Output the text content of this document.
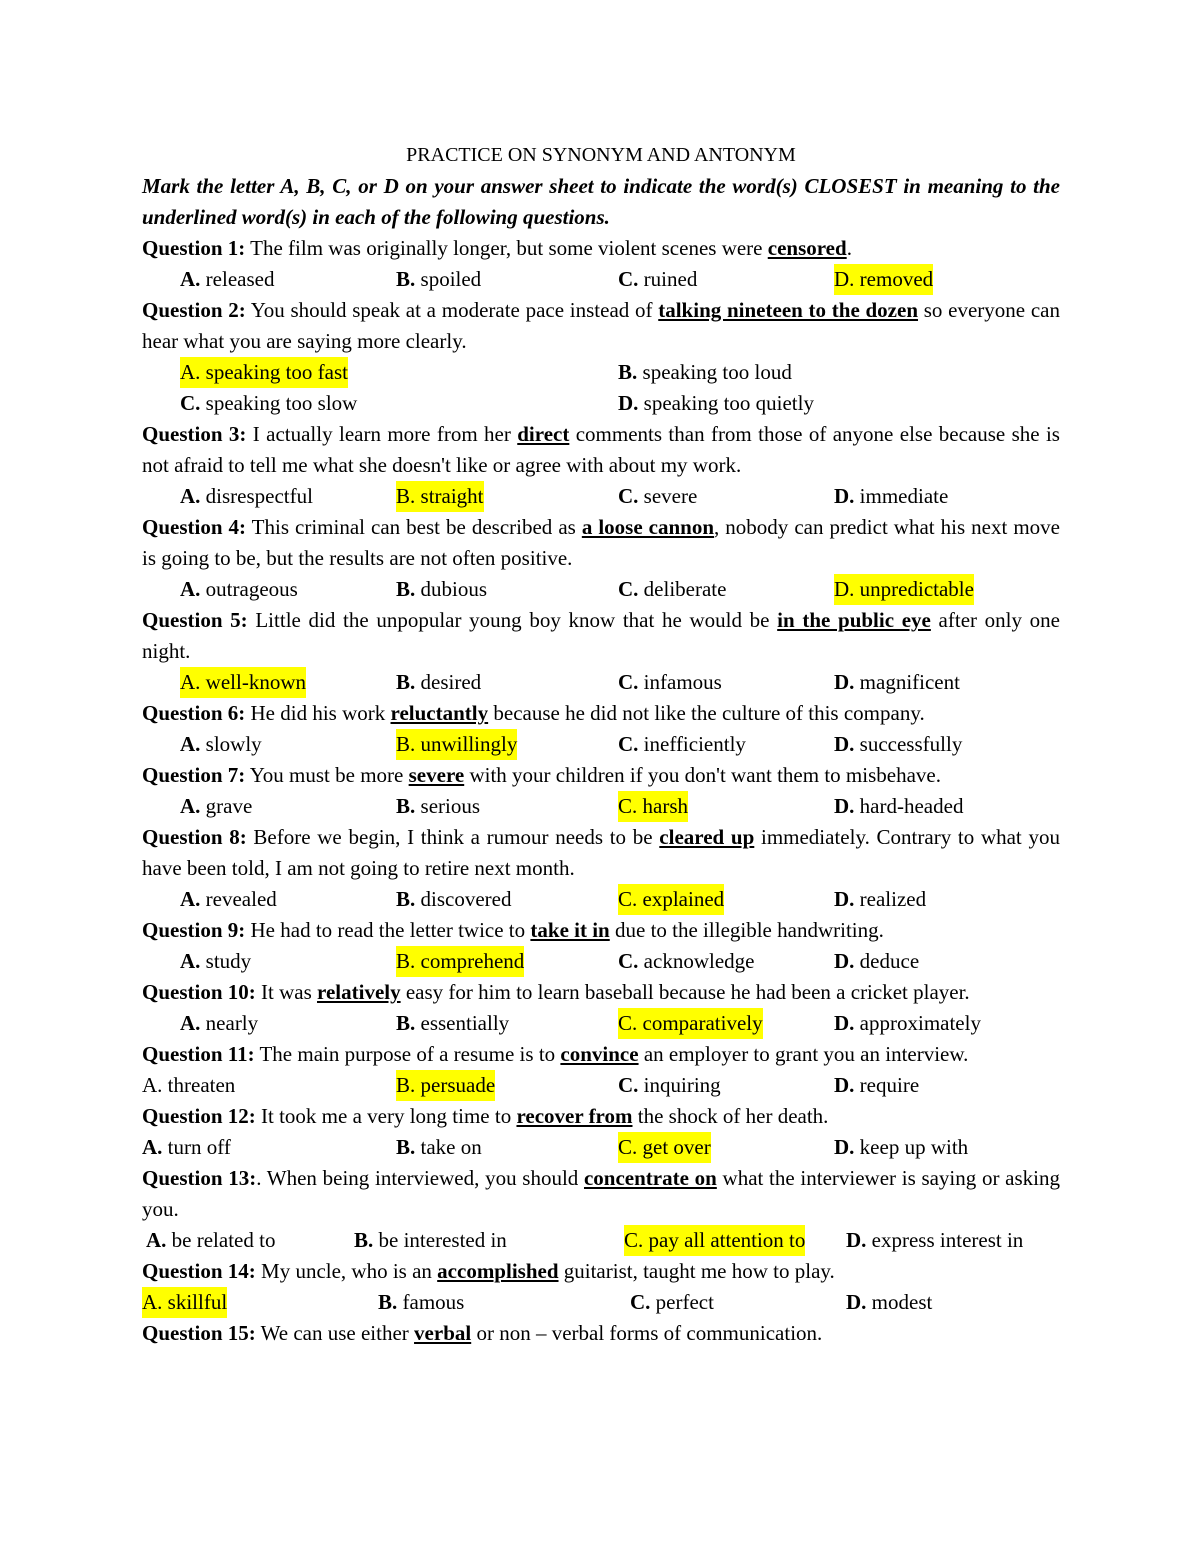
PRACTICE ON SYNONYM AND ANTONYM
Mark the letter A, B, C, or D on your answer sheet to indicate the word(s) CLOSEST in meaning to the underlined word(s) in each of the following questions.
Question 1: The film was originally longer, but some violent scenes were censored.
A. released	B. spoiled	C. ruined	D. removed
Question 2: You should speak at a moderate pace instead of talking nineteen to the dozen so everyone can hear what you are saying more clearly.
A. speaking too fast	B. speaking too loud
C. speaking too slow	D. speaking too quietly
Question 3: I actually learn more from her direct comments than from those of anyone else because she is not afraid to tell me what she doesn't like or agree with about my work.
A. disrespectful	B. straight	C. severe	D. immediate
Question 4: This criminal can best be described as a loose cannon, nobody can predict what his next move is going to be, but the results are not often positive.
A. outrageous	B. dubious	C. deliberate	D. unpredictable
Question 5: Little did the unpopular young boy know that he would be in the public eye after only one night.
A. well-known	B. desired	C. infamous	D. magnificent
Question 6: He did his work reluctantly because he did not like the culture of this company.
A. slowly	B. unwillingly	C. inefficiently	D. successfully
Question 7: You must be more severe with your children if you don't want them to misbehave.
A. grave	B. serious	C. harsh	D. hard-headed
Question 8: Before we begin, I think a rumour needs to be cleared up immediately. Contrary to what you have been told, I am not going to retire next month.
A. revealed	B. discovered	C. explained	D. realized
Question 9: He had to read the letter twice to take it in due to the illegible handwriting.
A. study	B. comprehend	C. acknowledge	D. deduce
Question 10: It was relatively easy for him to learn baseball because he had been a cricket player.
A. nearly	B. essentially	C. comparatively	D. approximately
Question 11: The main purpose of a resume is to convince an employer to grant you an interview.
A. threaten	B. persuade	C. inquiring	D. require
Question 12: It took me a very long time to recover from the shock of her death.
A. turn off	B. take on	C. get over	D. keep up with
Question 13:. When being interviewed, you should concentrate on what the interviewer is saying or asking you.
A. be related to	B. be interested in	C. pay all attention to D. express interest in
Question 14: My uncle, who is an accomplished guitarist, taught me how to play.
A. skillful	B. famous	C. perfect	D. modest
Question 15: We can use either verbal or non – verbal forms of communication.
